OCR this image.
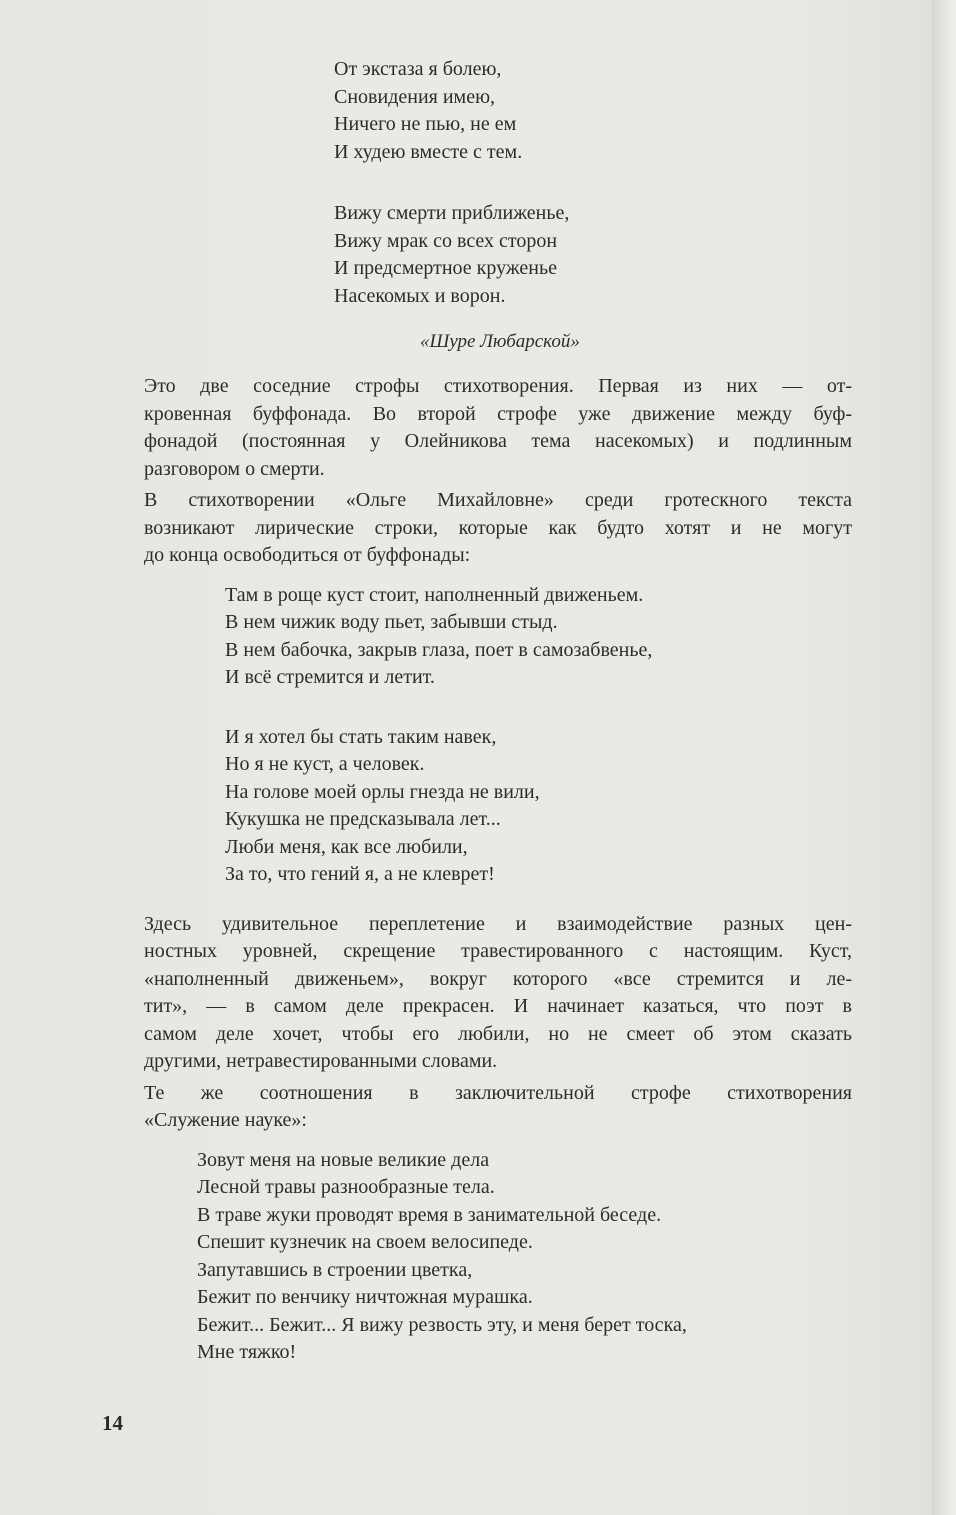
От экстаза я болею,
Сновидения имею,
Ничего не пью, не ем
И худею вместе с тем.
Вижу смерти приближенье,
Вижу мрак со всех сторон
И предсмертное круженье
Насекомых и ворон.
«Шуре Любарской»
Это две соседние строфы стихотворения. Первая из них — от-
кровенная буффонада. Во второй строфе уже движение между буф-
фонадой (постоянная у Олейникова тема насекомых) и подлинным
разговором о смерти.
В стихотворении «Ольге Михайловне» среди гротескного текста
возникают лирические строки, которые как будто хотят и не могут
до конца освободиться от буффонады:
Там в роще куст стоит, наполненный движеньем.
В нем чижик воду пьет, забывши стыд.
В нем бабочка, закрыв глаза, поет в самозабвенье,
И всё стремится и летит.
И я хотел бы стать таким навек,
Но я не куст, а человек.
На голове моей орлы гнезда не вили,
Кукушка не предсказывала лет...
Люби меня, как все любили,
За то, что гений я, а не клеврет!
Здесь удивительное переплетение и взаимодействие разных цен-
ностных уровней, скрещение травестированного с настоящим. Куст,
«наполненный движеньем», вокруг которого «все стремится и ле-
тит», — в самом деле прекрасен. И начинает казаться, что поэт в
самом деле хочет, чтобы его любили, но не смеет об этом сказать
другими, нетравестированными словами.
Те же соотношения в заключительной строфе стихотворения
«Служение науке»:
Зовут меня на новые великие дела
Лесной травы разнообразные тела.
В траве жуки проводят время в занимательной беседе.
Спешит кузнечик на своем велосипеде.
Запутавшись в строении цветка,
Бежит по венчику ничтожная мурашка.
Бежит... Бежит... Я вижу резвость эту, и меня берет тоска,
Мне тяжко!
14
